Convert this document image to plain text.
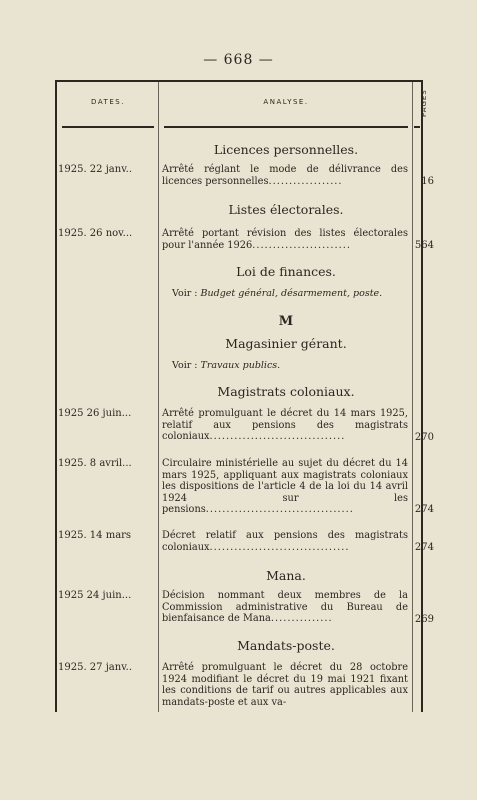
— 668 —
DATES.	ANALYSE.	PAGES
Licences personnelles.
1925. 22 janv..	Arrêté réglant le mode de délivrance des licences personnelles..................	16
Listes électorales.
1925. 26 nov...	Arrêté portant révision des listes électorales pour l'année 1926........................	564
Loi de finances.
Voir : Budget général, désarmement, poste.
M
Magasinier gérant.
Voir : Travaux publics.
Magistrats coloniaux.
1925 26 juin...	Arrêté promulguant le décret du 14 mars 1925, relatif aux pensions des magistrats coloniaux.................................	270
1925. 8 avril...	Circulaire ministérielle au sujet du décret du 14 mars 1925, appliquant aux magistrats coloniaux les dispositions de l'article 4 de la loi du 14 avril 1924 sur les pensions....................................	274
1925. 14 mars	Décret relatif aux pensions des magistrats coloniaux..................................	274
Mana.
1925 24 juin...	Décision nommant deux membres de la Commission administrative du Bureau de bienfaisance de Mana...............	269
Mandats-poste.
1925. 27 janv..	Arrêté promulguant le décret du 28 octobre 1924 modifiant le décret du 19 mai 1921 fixant les conditions de tarif ou autres applicables aux mandats-poste et aux va-
